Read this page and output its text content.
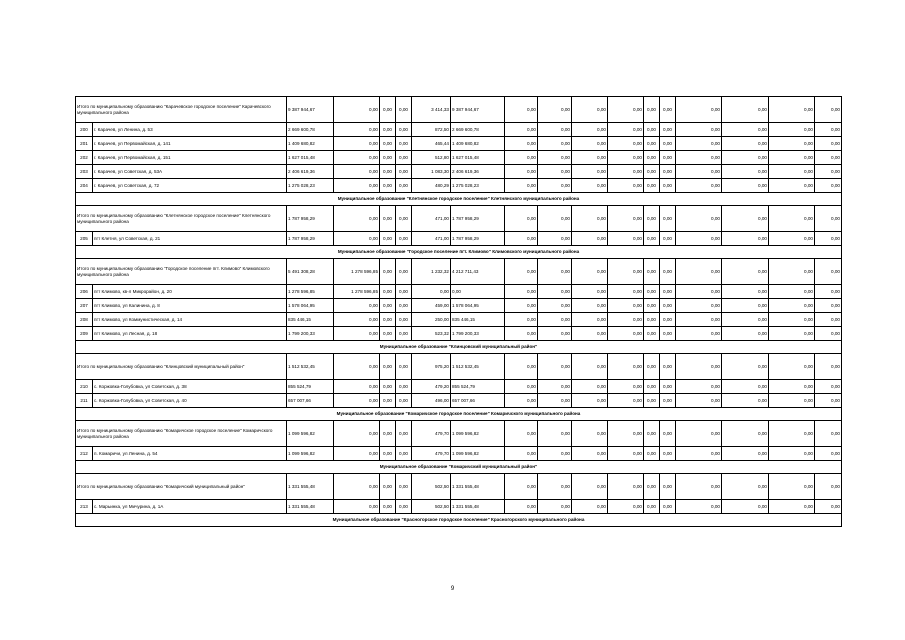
Итого по муниципальному образованию "Карачевское городское поселение" Карачевского муниципального района		9 387 944,67	0,00	0,00	0,00	3 414,33	9 387 944,67	0,00	0,00	0,00	0,00	0,00	0,00	0,00	0,00	0,00	0,00
200	г. Карачев, ул Ленина, д. 53	2 669 600,78	0,00	0,00	0,00	872,50	2 669 600,78	0,00	0,00	0,00	0,00	0,00	0,00	0,00	0,00	0,00	0,00
201	г. Карачев, ул Первомайская, д. 141	1 409 680,82	0,00	0,00	0,00	465,44	1 409 680,82	0,00	0,00	0,00	0,00	0,00	0,00	0,00	0,00	0,00	0,00
202	г. Карачев, ул Первомайская, д. 151	1 627 015,48	0,00	0,00	0,00	512,80	1 627 015,48	0,00	0,00	0,00	0,00	0,00	0,00	0,00	0,00	0,00	0,00
203	г. Карачев, ул Советская, д. 53А	2 406 619,36	0,00	0,00	0,00	1 083,30	2 406 619,36	0,00	0,00	0,00	0,00	0,00	0,00	0,00	0,00	0,00	0,00
204	г. Карачев, ул Советская, д. 72	1 275 028,23	0,00	0,00	0,00	480,29	1 275 028,23	0,00	0,00	0,00	0,00	0,00	0,00	0,00	0,00	0,00	0,00
Муниципальное образование "Клетнянское городское поселение" Клетнянского муниципального района																	
Итого по муниципальному образованию "Клетнянское городское поселение" Клетнянского муниципального района		1 787 958,29	0,00	0,00	0,00	471,00	1 787 958,29	0,00	0,00	0,00	0,00	0,00	0,00	0,00	0,00	0,00	0,00
205	пгт Клетня, ул Советская, д. 21	1 787 958,29	0,00	0,00	0,00	471,00	1 787 958,29	0,00	0,00	0,00	0,00	0,00	0,00	0,00	0,00	0,00	0,00
Муниципальное образование "Городское поселение пгт. Климово" Климовского муниципального района																	
Итого по муниципальному образованию "Городское поселение пгт. Климово" Климовского муниципального района		5 491 308,28	1 278 596,85	0,00	0,00	1 232,32	4 212 711,43	0,00	0,00	0,00	0,00	0,00	0,00	0,00	0,00	0,00	0,00
206	пгт Климово, кв-л Микрорайон, д. 20	1 278 596,85	1 278 596,85	0,00	0,00	0,00	0,00	0,00	0,00	0,00	0,00	0,00	0,00	0,00	0,00	0,00	0,00
207	пгт Климово, ул Калинина, д. 8	1 578 064,95	0,00	0,00	0,00	459,00	1 578 064,95	0,00	0,00	0,00	0,00	0,00	0,00	0,00	0,00	0,00	0,00
208	пгт Климово, ул Коммунистическая, д. 14	835 446,15	0,00	0,00	0,00	250,00	835 446,15	0,00	0,00	0,00	0,00	0,00	0,00	0,00	0,00	0,00	0,00
209	пгт Климово, ул Лесная, д. 18	1 799 200,33	0,00	0,00	0,00	523,32	1 799 200,33	0,00	0,00	0,00	0,00	0,00	0,00	0,00	0,00	0,00	0,00
Муниципальное образование "Клинцовский муниципальный район"																	
Итого по муниципальному образованию "Клинцовский муниципальный район"		1 512 532,45	0,00	0,00	0,00	975,20	1 512 532,45	0,00	0,00	0,00	0,00	0,00	0,00	0,00	0,00	0,00	0,00
210	с. Коржовка-Голубовка, ул Советская, д. 38	855 524,79	0,00	0,00	0,00	479,20	855 524,79	0,00	0,00	0,00	0,00	0,00	0,00	0,00	0,00	0,00	0,00
211	с. Коржовка-Голубовка, ул Советская, д. 40	657 007,66	0,00	0,00	0,00	496,00	657 007,66	0,00	0,00	0,00	0,00	0,00	0,00	0,00	0,00	0,00	0,00
Муниципальное образование "Комаричское городское поселение" Комаричского муниципального района																	
Итого по муниципальному образованию "Комаричское городское поселение" Комаричского муниципального района		1 099 596,82	0,00	0,00	0,00	479,70	1 099 596,82	0,00	0,00	0,00	0,00	0,00	0,00	0,00	0,00	0,00	0,00
212	п. Комаричи, ул Ленина, д. 54	1 099 596,82	0,00	0,00	0,00	479,70	1 099 596,82	0,00	0,00	0,00	0,00	0,00	0,00	0,00	0,00	0,00	0,00
Муниципальное образование "Комаричский муниципальный район"																	
Итого по муниципальному образованию "Комаричский муниципальный район"		1 331 555,48	0,00	0,00	0,00	502,50	1 331 555,48	0,00	0,00	0,00	0,00	0,00	0,00	0,00	0,00	0,00	0,00
213	с. Марьинка, ул Мичурина, д. 1А	1 331 555,48	0,00	0,00	0,00	502,50	1 331 555,48	0,00	0,00	0,00	0,00	0,00	0,00	0,00	0,00	0,00	0,00
Муниципальное образование "Красногорское городское поселение" Красногорского муниципального района																	
9
